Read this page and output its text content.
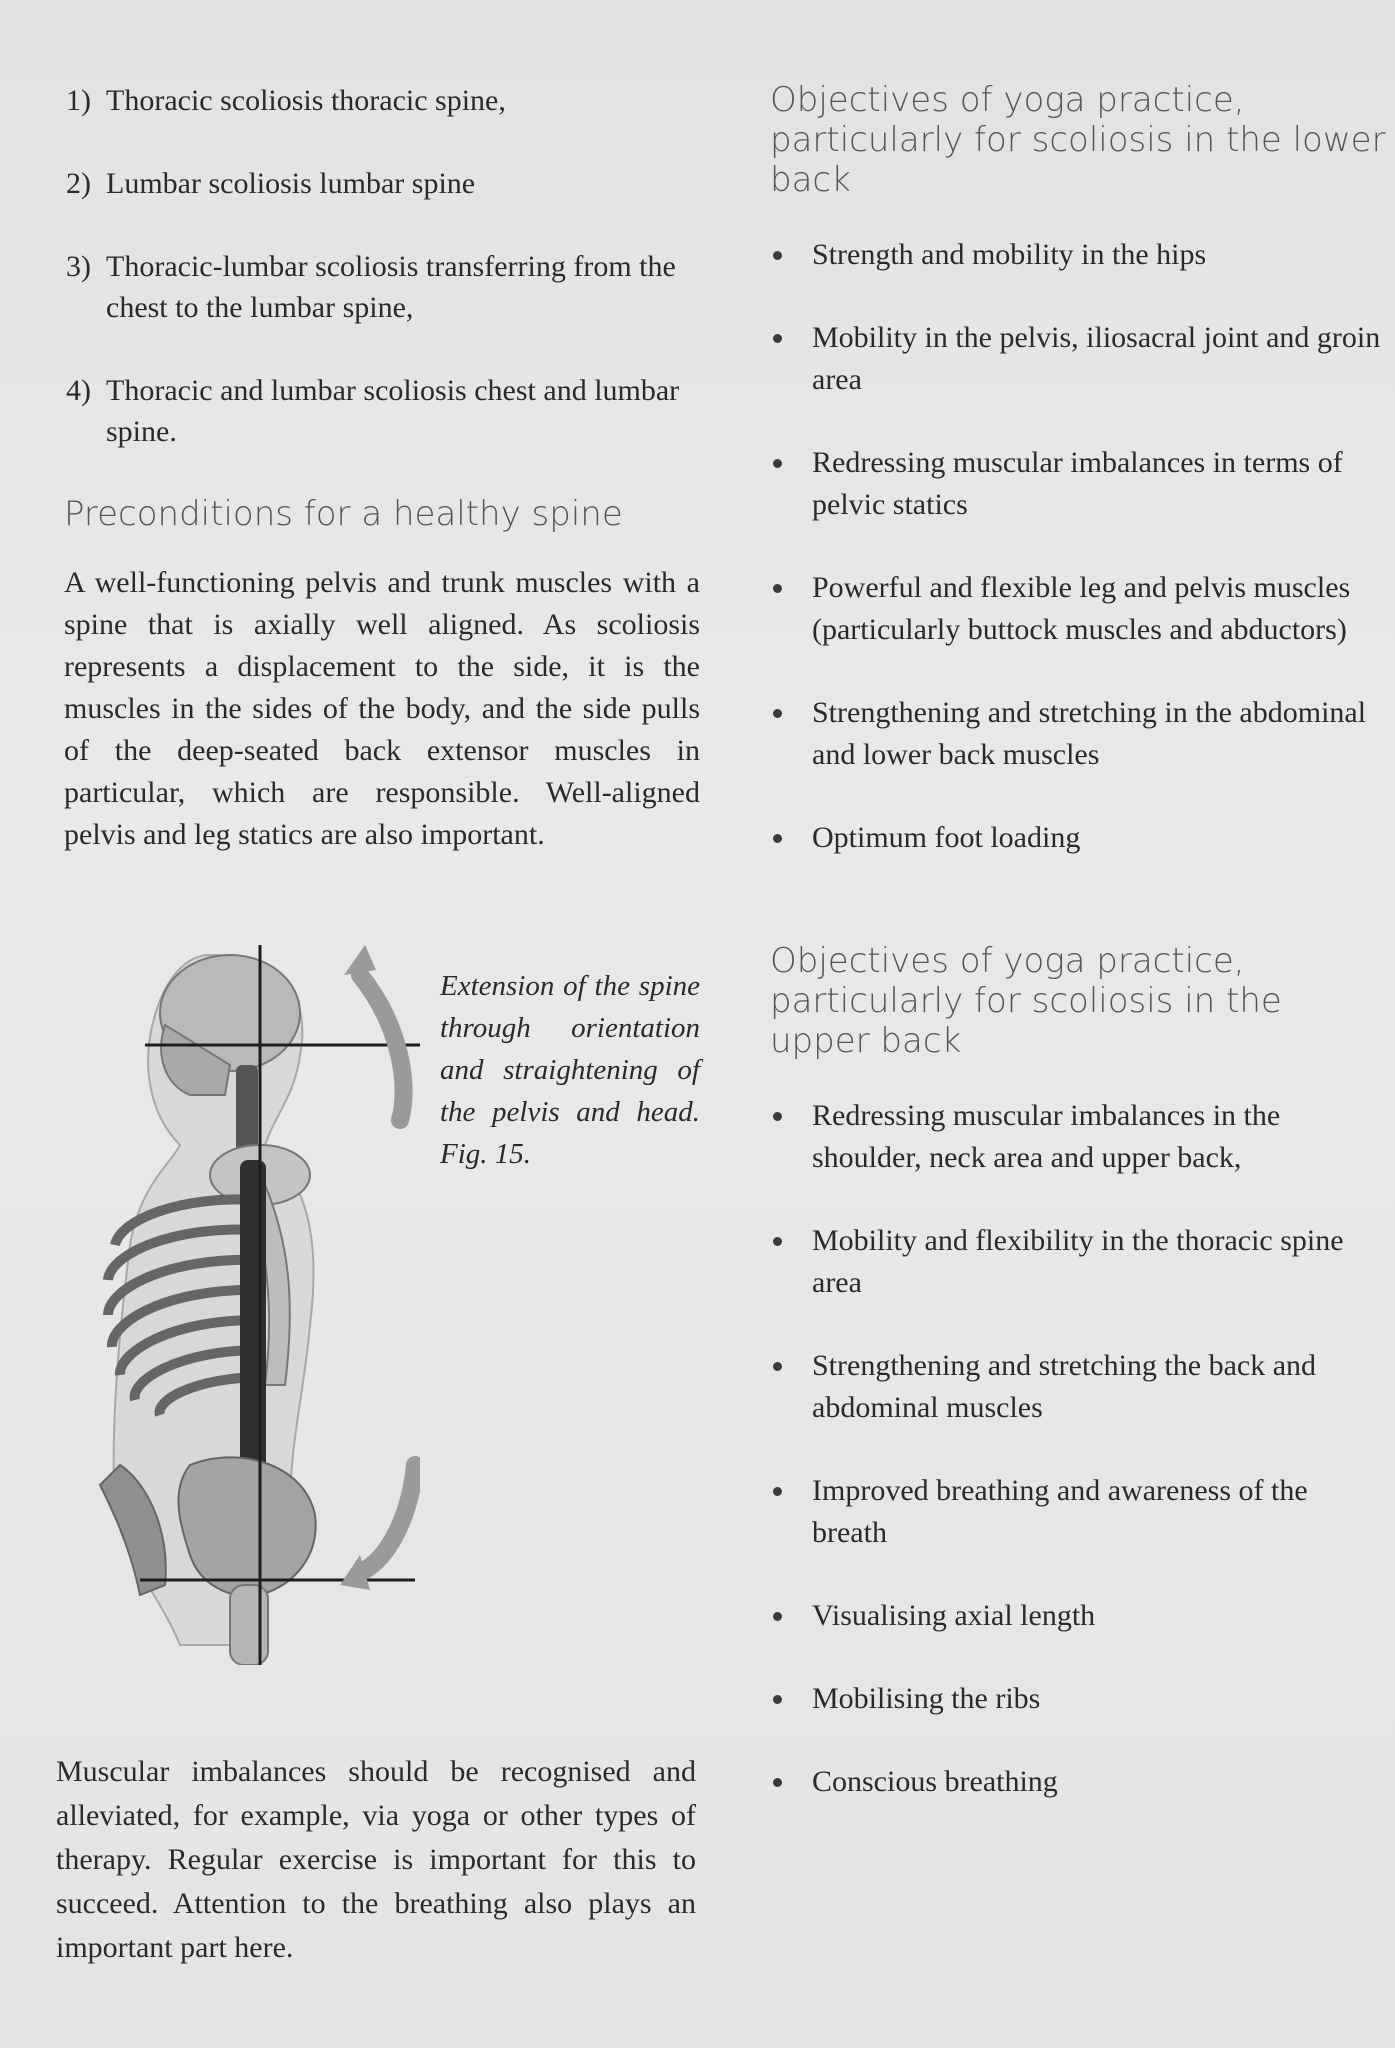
1) Thoracic scoliosis thoracic spine,
2) Lumbar scoliosis lumbar spine
3) Thoracic-lumbar scoliosis transferring from the chest to the lumbar spine,
4) Thoracic and lumbar scoliosis chest and lumbar spine.
Preconditions for a healthy spine

A well-functioning pelvis and trunk muscles with a spine that is axially well aligned. As scoliosis represents a displacement to the side, it is the muscles in the sides of the body, and the side pulls of the deep-seated back extensor muscles in particular, which are responsible. Well-aligned pelvis and leg statics are also important.

Extension of the spine through orientation and straightening of the pelvis and head. Fig. 15.

Muscular imbalances should be recognised and alleviated, for example, via yoga or other types of therapy. Regular exercise is important for this to succeed. Attention to the breathing also plays an important part here.

Objectives of yoga practice, particularly for scoliosis in the lower back
Strength and mobility in the hips
Mobility in the pelvis, iliosacral joint and groin area
Redressing muscular imbalances in terms of pelvic statics
Powerful and flexible leg and pelvis muscles (particularly buttock muscles and abductors)
Strengthening and stretching in the abdominal and lower back muscles
Optimum foot loading
Objectives of yoga practice, particularly for scoliosis in the upper back
Redressing muscular imbalances in the shoulder, neck area and upper back,
Mobility and flexibility in the thoracic spine area
Strengthening and stretching the back and abdominal muscles
Improved breathing and awareness of the breath
Visualising axial length
Mobilising the ribs
Conscious breathing
